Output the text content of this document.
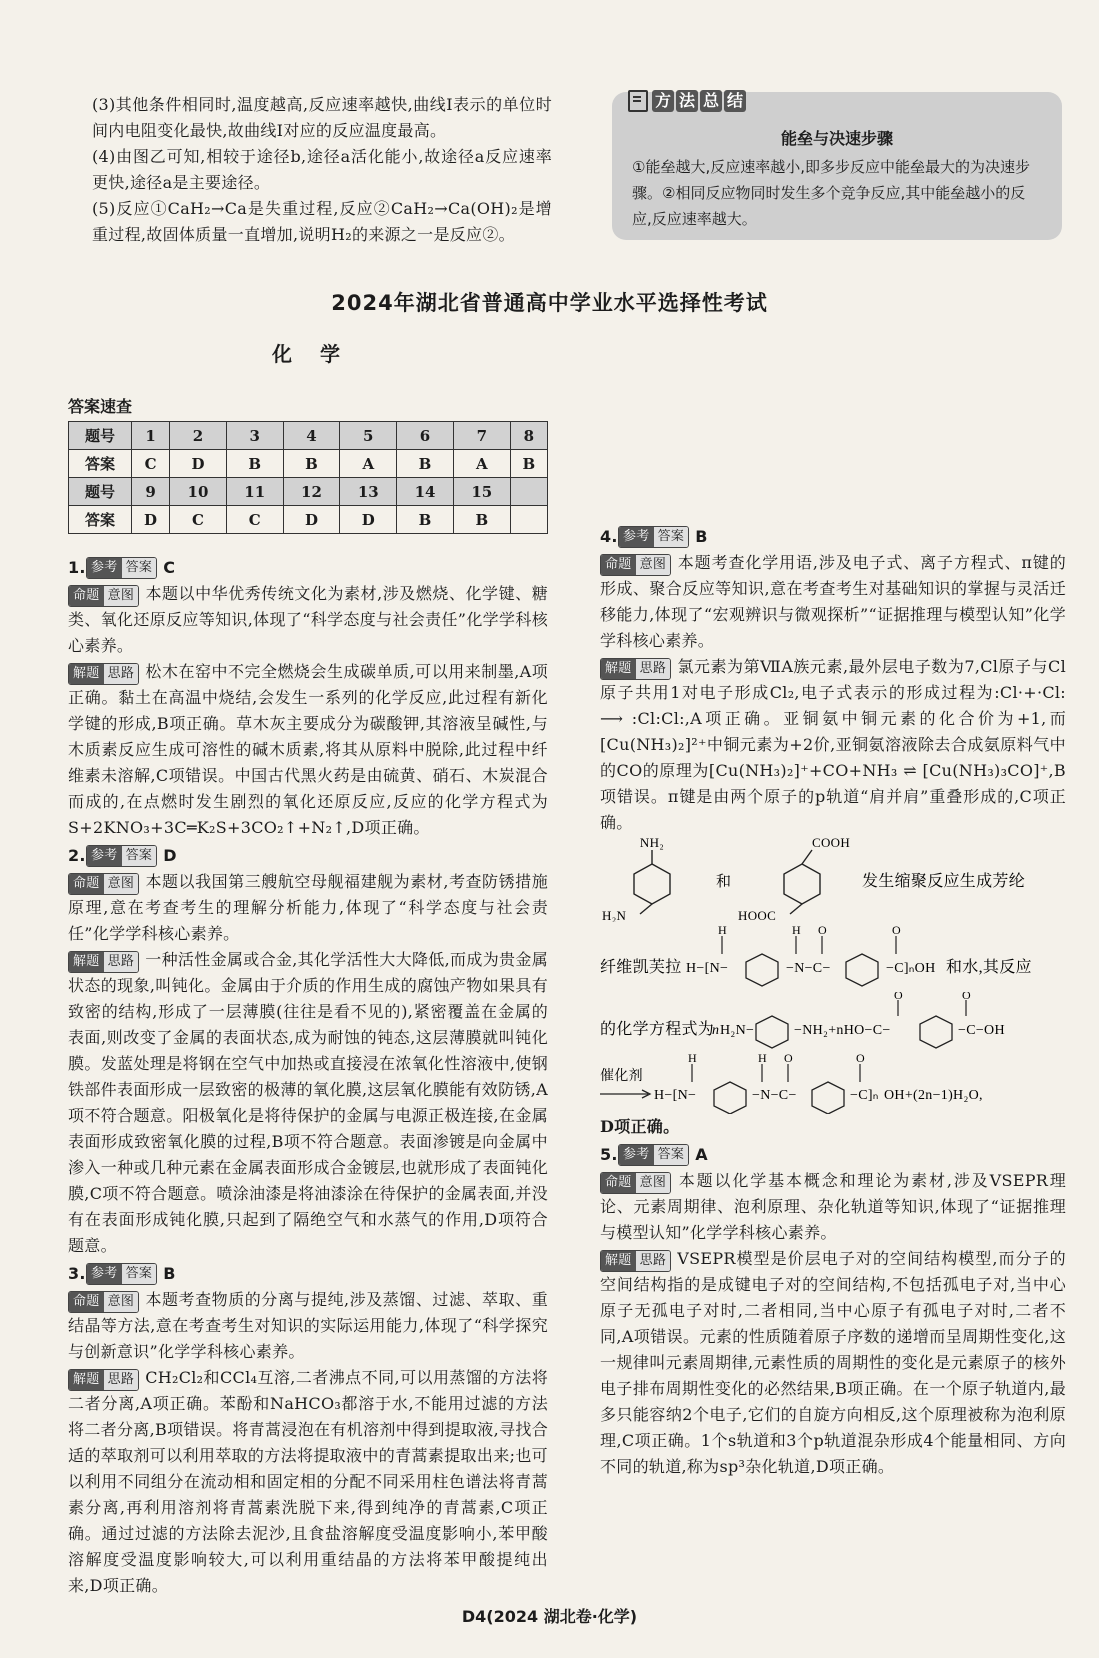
(3)其他条件相同时,温度越高,反应速率越快,曲线Ⅰ表示的单位时间内电阻变化最快,故曲线Ⅰ对应的反应温度最高。

(4)由图乙可知,相较于途径b,途径a活化能小,故途径a反应速率更快,途径a是主要途径。

(5)反应①CaH₂→Ca是失重过程,反应②CaH₂→Ca(OH)₂是增重过程,故固体质量一直增加,说明H₂的来源之一是反应②。

方 法 总 结
能垒与决速步骤
①能垒越大,反应速率越小,即多步反应中能垒最大的为决速步骤。②相同反应物同时发生多个竞争反应,其中能垒越小的反应,反应速率越大。
2024年湖北省普通高中学业水平选择性考试
化学
答案速查
题号	1	2	3	4	5	6	7	8
答案	C	D	B	B	A	B	A	B
题号	9	10	11	12	13	14	15	
答案	D	C	C	D	D	B	B	
1. 参考 答案 C

命题 意图 本题以中华优秀传统文化为素材,涉及燃烧、化学键、糖类、氧化还原反应等知识,体现了“科学态度与社会责任”化学学科核心素养。

解题 思路 松木在窑中不完全燃烧会生成碳单质,可以用来制墨,A项正确。黏土在高温中烧结,会发生一系列的化学反应,此过程有新化学键的形成,B项正确。草木灰主要成分为碳酸钾,其溶液呈碱性,与木质素反应生成可溶性的碱木质素,将其从原料中脱除,此过程中纤维素未溶解,C项错误。中国古代黑火药是由硫黄、硝石、木炭混合而成的,在点燃时发生剧烈的氧化还原反应,反应的化学方程式为S+2KNO₃+3C═K₂S+3CO₂↑+N₂↑,D项正确。

2. 参考 答案 D

命题 意图 本题以我国第三艘航空母舰福建舰为素材,考查防锈措施原理,意在考查考生的理解分析能力,体现了“科学态度与社会责任”化学学科核心素养。

解题 思路 一种活性金属或合金,其化学活性大大降低,而成为贵金属状态的现象,叫钝化。金属由于介质的作用生成的腐蚀产物如果具有致密的结构,形成了一层薄膜(往往是看不见的),紧密覆盖在金属的表面,则改变了金属的表面状态,成为耐蚀的钝态,这层薄膜就叫钝化膜。发蓝处理是将钢在空气中加热或直接浸在浓氧化性溶液中,使钢铁部件表面形成一层致密的极薄的氧化膜,这层氧化膜能有效防锈,A项不符合题意。阳极氧化是将待保护的金属与电源正极连接,在金属表面形成致密氧化膜的过程,B项不符合题意。表面渗镀是向金属中渗入一种或几种元素在金属表面形成合金镀层,也就形成了表面钝化膜,C项不符合题意。喷涂油漆是将油漆涂在待保护的金属表面,并没有在表面形成钝化膜,只起到了隔绝空气和水蒸气的作用,D项符合题意。

3. 参考 答案 B

命题 意图 本题考查物质的分离与提纯,涉及蒸馏、过滤、萃取、重结晶等方法,意在考查考生对知识的实际运用能力,体现了“科学探究与创新意识”化学学科核心素养。

解题 思路 CH₂Cl₂和CCl₄互溶,二者沸点不同,可以用蒸馏的方法将二者分离,A项正确。苯酚和NaHCO₃都溶于水,不能用过滤的方法将二者分离,B项错误。将青蒿浸泡在有机溶剂中得到提取液,寻找合适的萃取剂可以利用萃取的方法将提取液中的青蒿素提取出来;也可以利用不同组分在流动相和固定相的分配不同采用柱色谱法将青蒿素分离,再利用溶剂将青蒿素洗脱下来,得到纯净的青蒿素,C项正确。通过过滤的方法除去泥沙,且食盐溶解度受温度影响小,苯甲酸溶解度受温度影响较大,可以利用重结晶的方法将苯甲酸提纯出来,D项正确。

4. 参考 答案 B

命题 意图 本题考查化学用语,涉及电子式、离子方程式、π键的形成、聚合反应等知识,意在考查考生对基础知识的掌握与灵活迁移能力,体现了“宏观辨识与微观探析”“证据推理与模型认知”化学学科核心素养。

解题 思路 氯元素为第ⅦA族元素,最外层电子数为7,Cl原子与Cl原子共用1对电子形成Cl₂,电子式表示的形成过程为:Cl·+·Cl: ⟶ :Cl:Cl:,A项正确。亚铜氨中铜元素的化合价为+1,而[Cu(NH₃)₂]²⁺中铜元素为+2价,亚铜氨溶液除去合成氨原料气中的CO的原理为[Cu(NH₃)₂]⁺+CO+NH₃ ⇌ [Cu(NH₃)₃CO]⁺,B项错误。π键是由两个原子的p轨道“肩并肩”重叠形成的,C项正确。

NH₂
H₂N
和
COOH
HOOC
发生缩聚反应生成芳纶
纤维凯芙拉 H−[N−
H
−N−C−
H O
−C]ₙOH
O
和水,其反应
的化学方程式为
n H₂N−	−NH₂+nHO−C−
O
−C−OH
O
催化剂
H−[N−
H
−N−C−
H O
−C]ₙ
O
OH+(2n−1)H₂O,

D项正确。

5. 参考 答案 A

命题 意图 本题以化学基本概念和理论为素材,涉及VSEPR理论、元素周期律、泡利原理、杂化轨道等知识,体现了“证据推理与模型认知”化学学科核心素养。

解题 思路 VSEPR模型是价层电子对的空间结构模型,而分子的空间结构指的是成键电子对的空间结构,不包括孤电子对,当中心原子无孤电子对时,二者相同,当中心原子有孤电子对时,二者不同,A项错误。元素的性质随着原子序数的递增而呈周期性变化,这一规律叫元素周期律,元素性质的周期性的变化是元素原子的核外电子排布周期性变化的必然结果,B项正确。在一个原子轨道内,最多只能容纳2个电子,它们的自旋方向相反,这个原理被称为泡利原理,C项正确。1个s轨道和3个p轨道混杂形成4个能量相同、方向不同的轨道,称为sp³杂化轨道,D项正确。

D4(2024 湖北卷·化学)
